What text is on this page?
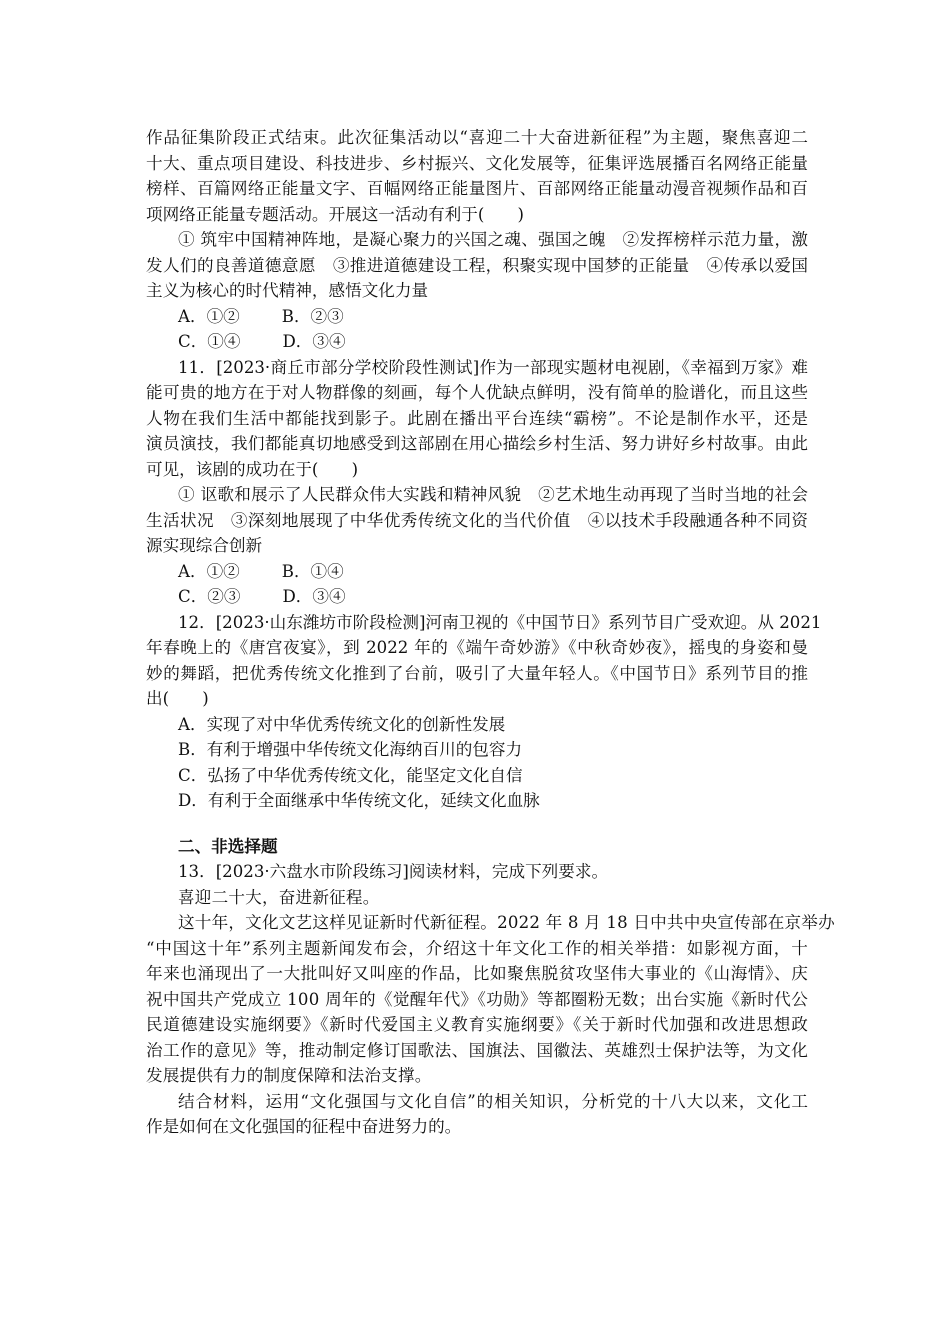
作品征集阶段正式结束。此次征集活动以“喜迎二十大奋进新征程”为主题，聚焦喜迎二
十大、重点项目建设、科技进步、乡村振兴、文化发展等，征集评选展播百名网络正能量
榜样、百篇网络正能量文字、百幅网络正能量图片、百部网络正能量动漫音视频作品和百
项网络正能量专题活动。开展这一活动有利于(　　)
① 筑牢中国精神阵地，是凝心聚力的兴国之魂、强国之魄　②发挥榜样示范力量，激
发人们的良善道德意愿　③推进道德建设工程，积聚实现中国梦的正能量　④传承以爱国
主义为核心的时代精神，感悟文化力量
A．①②	B．②③
C．①④	D．③④
11．[2023·商丘市部分学校阶段性测试]作为一部现实题材电视剧，《幸福到万家》难
能可贵的地方在于对人物群像的刻画，每个人优缺点鲜明，没有简单的脸谱化，而且这些
人物在我们生活中都能找到影子。此剧在播出平台连续“霸榜”。不论是制作水平，还是
演员演技，我们都能真切地感受到这部剧在用心描绘乡村生活、努力讲好乡村故事。由此
可见，该剧的成功在于(　　)
① 讴歌和展示了人民群众伟大实践和精神风貌　②艺术地生动再现了当时当地的社会
生活状况　③深刻地展现了中华优秀传统文化的当代价值　④以技术手段融通各种不同资
源实现综合创新
A．①②	B．①④
C．②③	D．③④
12．[2023·山东潍坊市阶段检测]河南卫视的《中国节日》系列节目广受欢迎。从 2021
年春晚上的《唐宫夜宴》，到 2022 年的《端午奇妙游》《中秋奇妙夜》，摇曳的身姿和曼
妙的舞蹈，把优秀传统文化推到了台前，吸引了大量年轻人。《中国节日》系列节目的推
出(　　)
A．实现了对中华优秀传统文化的创新性发展
B．有利于增强中华传统文化海纳百川的包容力
C．弘扬了中华优秀传统文化，能坚定文化自信
D．有利于全面继承中华传统文化，延续文化血脉
二、非选择题
13．[2023·六盘水市阶段练习]阅读材料，完成下列要求。
喜迎二十大，奋进新征程。
这十年，文化文艺这样见证新时代新征程。2022 年 8 月 18 日中共中央宣传部在京举办
“中国这十年”系列主题新闻发布会，介绍这十年文化工作的相关举措：如影视方面，十
年来也涌现出了一大批叫好又叫座的作品，比如聚焦脱贫攻坚伟大事业的《山海情》、庆
祝中国共产党成立 100 周年的《觉醒年代》《功勋》等都圈粉无数；出台实施《新时代公
民道德建设实施纲要》《新时代爱国主义教育实施纲要》《关于新时代加强和改进思想政
治工作的意见》等，推动制定修订国歌法、国旗法、国徽法、英雄烈士保护法等，为文化
发展提供有力的制度保障和法治支撑。
结合材料，运用“文化强国与文化自信”的相关知识，分析党的十八大以来，文化工
作是如何在文化强国的征程中奋进努力的。
